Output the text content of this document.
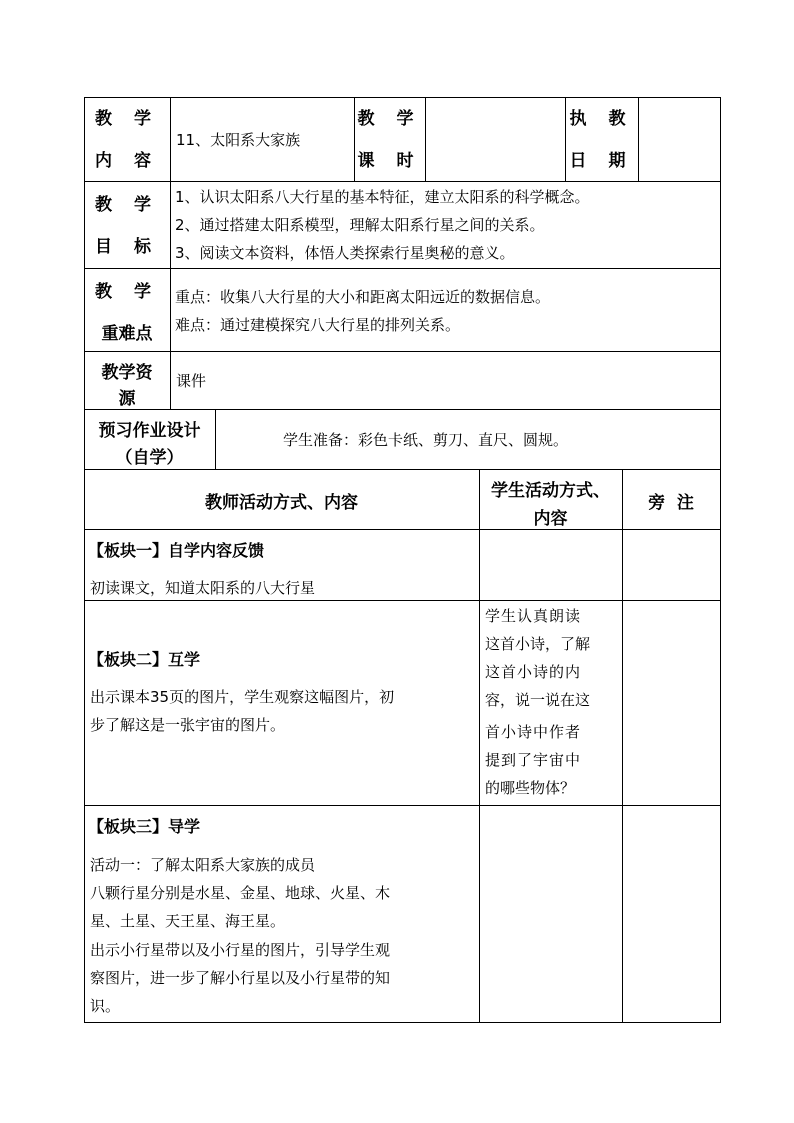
教 学
内 容
11、太阳系大家族
教 学
课 时
执 教
日 期
教 学
目 标
1、认识太阳系八大行星的基本特征，建立太阳系的科学概念。
2、通过搭建太阳系模型，理解太阳系行星之间的关系。
3、阅读文本资料，体悟人类探索行星奥秘的意义。
教 学
重难点
重点：收集八大行星的大小和距离太阳远近的数据信息。
难点：通过建模探究八大行星的排列关系。
教学资
源
课件
预习作业设计
（自学）
学生准备：彩色卡纸、剪刀、直尺、圆规。
教师活动方式、内容
学生活动方式、
内容
旁  注
【板块一】自学内容反馈
初读课文，知道太阳系的八大行星
【板块二】互学
出示课本35页的图片，学生观察这幅图片，初
步了解这是一张宇宙的图片。
学生认真朗读
这首小诗，了解
这首小诗的内
容，说一说在这
首小诗中作者
提到了宇宙中
的哪些物体？
【板块三】导学
活动一：了解太阳系大家族的成员
八颗行星分别是水星、金星、地球、火星、木
星、土星、天王星、海王星。
出示小行星带以及小行星的图片，引导学生观
察图片，进一步了解小行星以及小行星带的知
识。
